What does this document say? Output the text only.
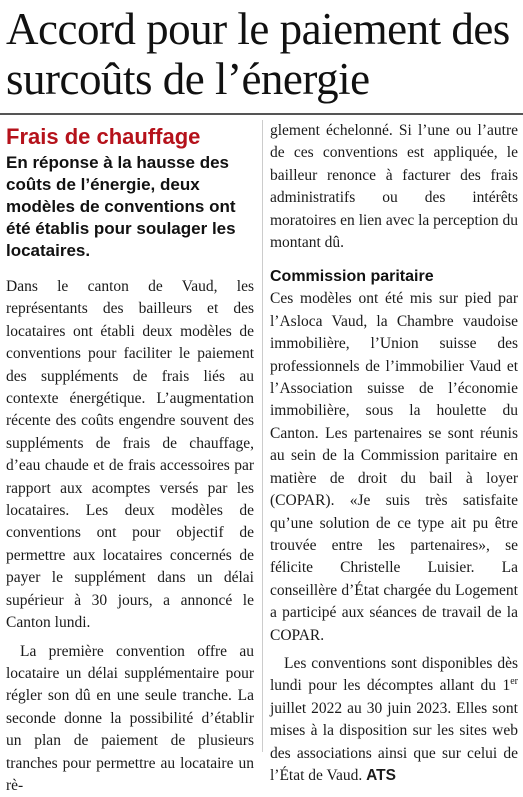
Accord pour le paiement des surcoûts de l’énergie
Frais de chauffage
En réponse à la hausse des coûts de l’énergie, deux modèles de conventions ont été établis pour soulager les locataires.

Dans le canton de Vaud, les représentants des bailleurs et des locataires ont établi deux modèles de conventions pour faciliter le paiement des suppléments de frais liés au contexte énergétique. L’augmentation récente des coûts engendre souvent des suppléments de frais de chauffage, d’eau chaude et de frais accessoires par rapport aux acomptes versés par les locataires. Les deux modèles de conventions ont pour objectif de permettre aux locataires concernés de payer le supplément dans un délai supérieur à 30 jours, a annoncé le Canton lundi.

La première convention offre au locataire un délai supplémentaire pour régler son dû en une seule tranche. La seconde donne la possibilité d’établir un plan de paiement de plusieurs tranches pour permettre au locataire un rè-

glement échelonné. Si l’une ou l’autre de ces conventions est appliquée, le bailleur renonce à facturer des frais administratifs ou des intérêts moratoires en lien avec la perception du montant dû.

Commission paritaire

Ces modèles ont été mis sur pied par l’Asloca Vaud, la Chambre vaudoise immobilière, l’Union suisse des professionnels de l’immobilier Vaud et l’Association suisse de l’économie immobilière, sous la houlette du Canton. Les partenaires se sont réunis au sein de la Commission paritaire en matière de droit du bail à loyer (COPAR). «Je suis très satisfaite qu’une solution de ce type ait pu être trouvée entre les partenaires», se félicite Christelle Luisier. La conseillère d’État chargée du Logement a participé aux séances de travail de la COPAR.

Les conventions sont disponibles dès lundi pour les décomptes allant du 1er juillet 2022 au 30 juin 2023. Elles sont mises à la disposition sur les sites web des associations ainsi que sur celui de l’État de Vaud. ATS
